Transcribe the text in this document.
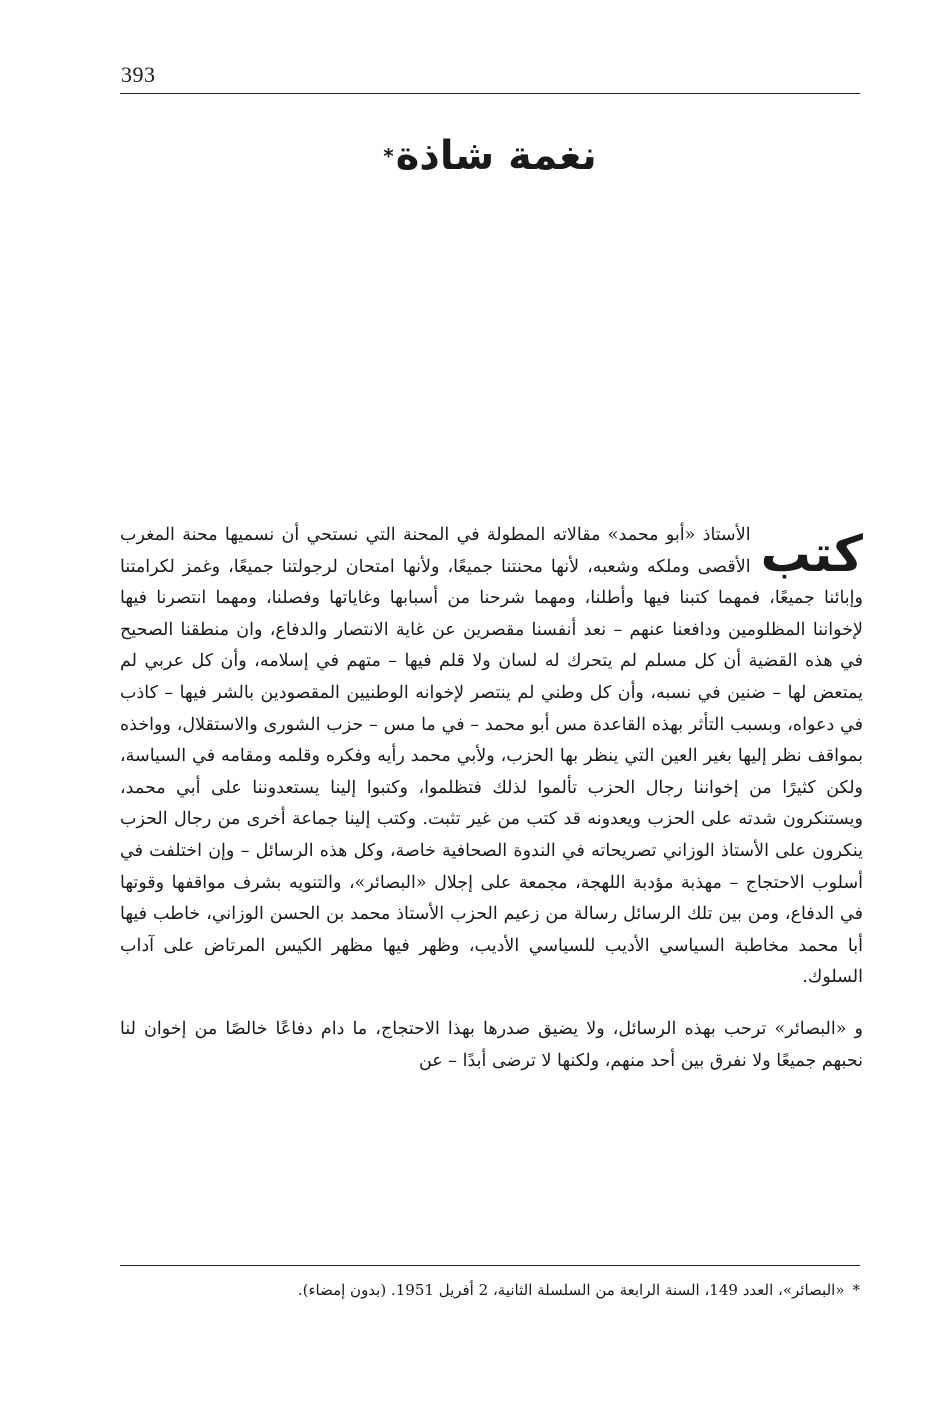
393
نغمة شاذة*

كتب
الأستاذ «أبو محمد» مقالاته المطولة في المحنة التي نستحي أن نسميها محنة المغرب الأقصى وملكه وشعبه، لأنها محنتنا جميعًا، ولأنها امتحان لرجولتنا جميعًا، وغمز لكرامتنا وإبائنا جميعًا، فمهما كتبنا فيها وأطلنا، ومهما شرحنا من أسبابها وغاياتها وفصلنا، ومهما انتصرنا فيها لإخواننا المظلومين ودافعنا عنهم – نعد أنفسنا مقصرين عن غاية الانتصار والدفاع، وان منطقنا الصحيح في هذه القضية أن كل مسلم لم يتحرك له لسان ولا قلم فيها – متهم في إسلامه، وأن كل عربي لم يمتعض لها – ضنين في نسبه، وأن كل وطني لم ينتصر لإخوانه الوطنيين المقصودين بالشر فيها – كاذب في دعواه، وبسبب التأثر بهذه القاعدة مس أبو محمد – في ما مس – حزب الشورى والاستقلال، وواخذه بمواقف نظر إليها بغير العين التي ينظر بها الحزب، ولأبي محمد رأيه وفكره وقلمه ومقامه في السياسة، ولكن كثيرًا من إخواننا رجال الحزب تألموا لذلك فتظلموا، وكتبوا إلينا يستعدوننا على أبي محمد، ويستنكرون شدته على الحزب ويعدونه قد كتب من غير تثبت. وكتب إلينا جماعة أخرى من رجال الحزب ينكرون على الأستاذ الوزاني تصريحاته في الندوة الصحافية خاصة، وكل هذه الرسائل – وإن اختلفت في أسلوب الاحتجاج – مهذبة مؤدبة اللهجة، مجمعة على إجلال «البصائر»، والتنويه بشرف مواقفها وقوتها في الدفاع، ومن بين تلك الرسائل رسالة من زعيم الحزب الأستاذ محمد بن الحسن الوزاني، خاطب فيها أبا محمد مخاطبة السياسي الأديب للسياسي الأديب، وظهر فيها مظهر الكيس المرتاض على آداب السلوك.

و «البصائر» ترحب بهذه الرسائل، ولا يضيق صدرها بهذا الاحتجاج، ما دام دفاعًا خالصًا من إخوان لنا نحبهم جميعًا ولا نفرق بين أحد منهم، ولكنها لا ترضى أبدًا – عن

*«البصائر»، العدد 149، السنة الرابعة من السلسلة الثانية، 2 أفريل 1951. (بدون إمضاء).
